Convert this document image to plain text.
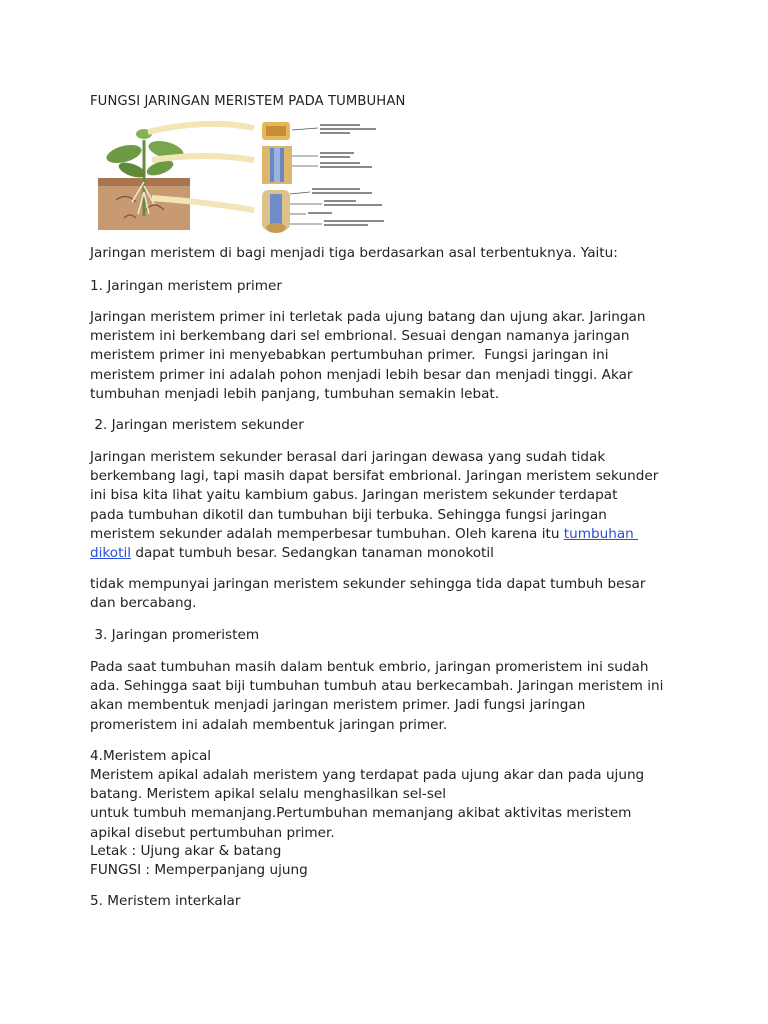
FUNGSI JARINGAN MERISTEM PADA TUMBUHAN
Jaringan meristem di bagi menjadi tiga berdasarkan asal terbentuknya. Yaitu:
1. Jaringan meristem primer
Jaringan meristem primer ini terletak pada ujung batang dan ujung akar. Jaringan
meristem ini berkembang dari sel embrional. Sesuai dengan namanya jaringan
meristem primer ini menyebabkan pertumbuhan primer.  Fungsi jaringan ini
meristem primer ini adalah pohon menjadi lebih besar dan menjadi tinggi. Akar
tumbuhan menjadi lebih panjang, tumbuhan semakin lebat.
2. Jaringan meristem sekunder
Jaringan meristem sekunder berasal dari jaringan dewasa yang sudah tidak
berkembang lagi, tapi masih dapat bersifat embrional. Jaringan meristem sekunder
ini bisa kita lihat yaitu kambium gabus. Jaringan meristem sekunder terdapat
pada tumbuhan dikotil dan tumbuhan biji terbuka. Sehingga fungsi jaringan
meristem sekunder adalah memperbesar tumbuhan. Oleh karena itu tumbuhan
dikotil dapat tumbuh besar. Sedangkan tanaman monokotil
tidak mempunyai jaringan meristem sekunder sehingga tida dapat tumbuh besar
dan bercabang.
3. Jaringan promeristem
Pada saat tumbuhan masih dalam bentuk embrio, jaringan promeristem ini sudah
ada. Sehingga saat biji tumbuhan tumbuh atau berkecambah. Jaringan meristem ini
akan membentuk menjadi jaringan meristem primer. Jadi fungsi jaringan
promeristem ini adalah membentuk jaringan primer.
4.Meristem apical
Meristem apikal adalah meristem yang terdapat pada ujung akar dan pada ujung
batang. Meristem apikal selalu menghasilkan sel-sel
untuk tumbuh memanjang.Pertumbuhan memanjang akibat aktivitas meristem
apikal disebut pertumbuhan primer.
Letak : Ujung akar & batang
FUNGSI : Memperpanjang ujung
5. Meristem interkalar
